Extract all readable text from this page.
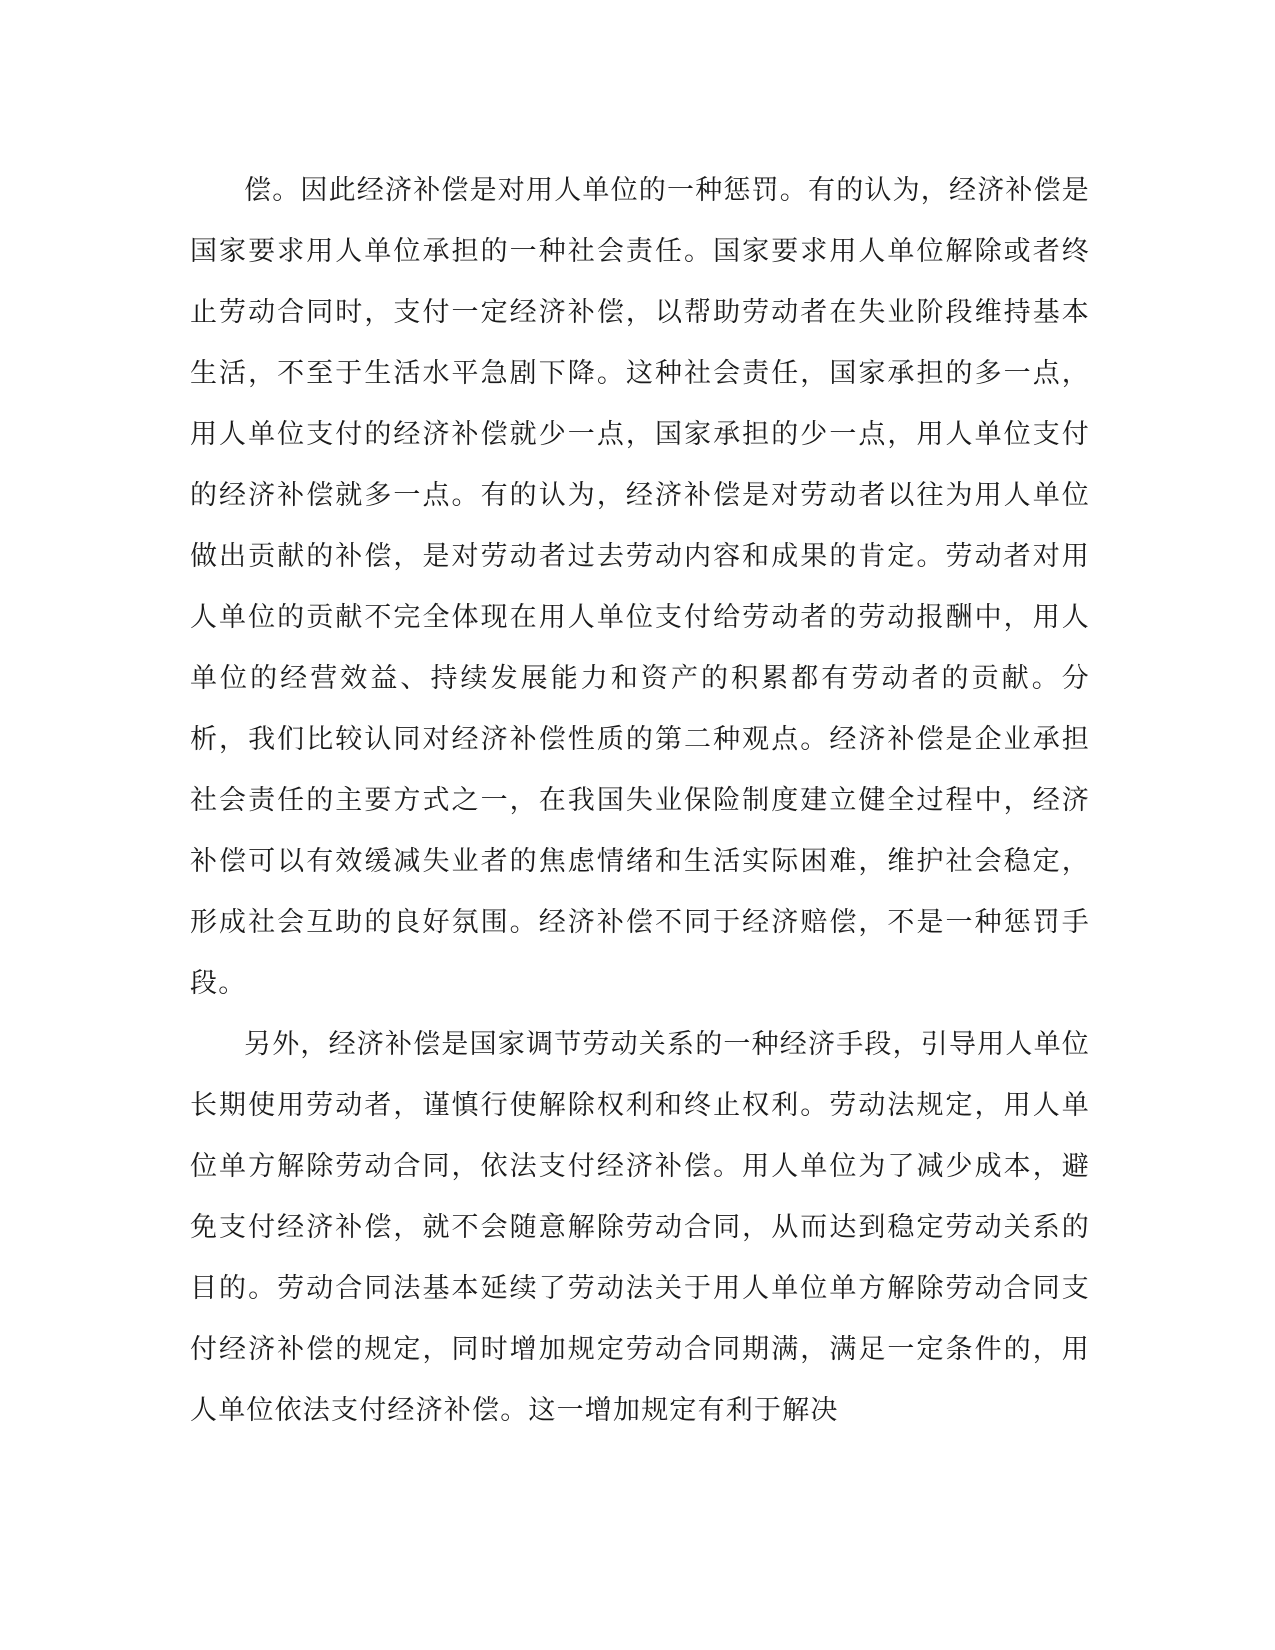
偿。因此经济补偿是对用人单位的一种惩罚。有的认为，经济补偿是国家要求用人单位承担的一种社会责任。国家要求用人单位解除或者终止劳动合同时，支付一定经济补偿，以帮助劳动者在失业阶段维持基本生活，不至于生活水平急剧下降。这种社会责任，国家承担的多一点，用人单位支付的经济补偿就少一点，国家承担的少一点，用人单位支付的经济补偿就多一点。有的认为，经济补偿是对劳动者以往为用人单位做出贡献的补偿，是对劳动者过去劳动内容和成果的肯定。劳动者对用人单位的贡献不完全体现在用人单位支付给劳动者的劳动报酬中，用人单位的经营效益、持续发展能力和资产的积累都有劳动者的贡献。分析，我们比较认同对经济补偿性质的第二种观点。经济补偿是企业承担社会责任的主要方式之一，在我国失业保险制度建立健全过程中，经济补偿可以有效缓减失业者的焦虑情绪和生活实际困难，维护社会稳定，形成社会互助的良好氛围。经济补偿不同于经济赔偿，不是一种惩罚手段。

另外，经济补偿是国家调节劳动关系的一种经济手段，引导用人单位长期使用劳动者，谨慎行使解除权利和终止权利。劳动法规定，用人单位单方解除劳动合同，依法支付经济补偿。用人单位为了减少成本，避免支付经济补偿，就不会随意解除劳动合同，从而达到稳定劳动关系的目的。劳动合同法基本延续了劳动法关于用人单位单方解除劳动合同支付经济补偿的规定，同时增加规定劳动合同期满，满足一定条件的，用人单位依法支付经济补偿。这一增加规定有利于解决
